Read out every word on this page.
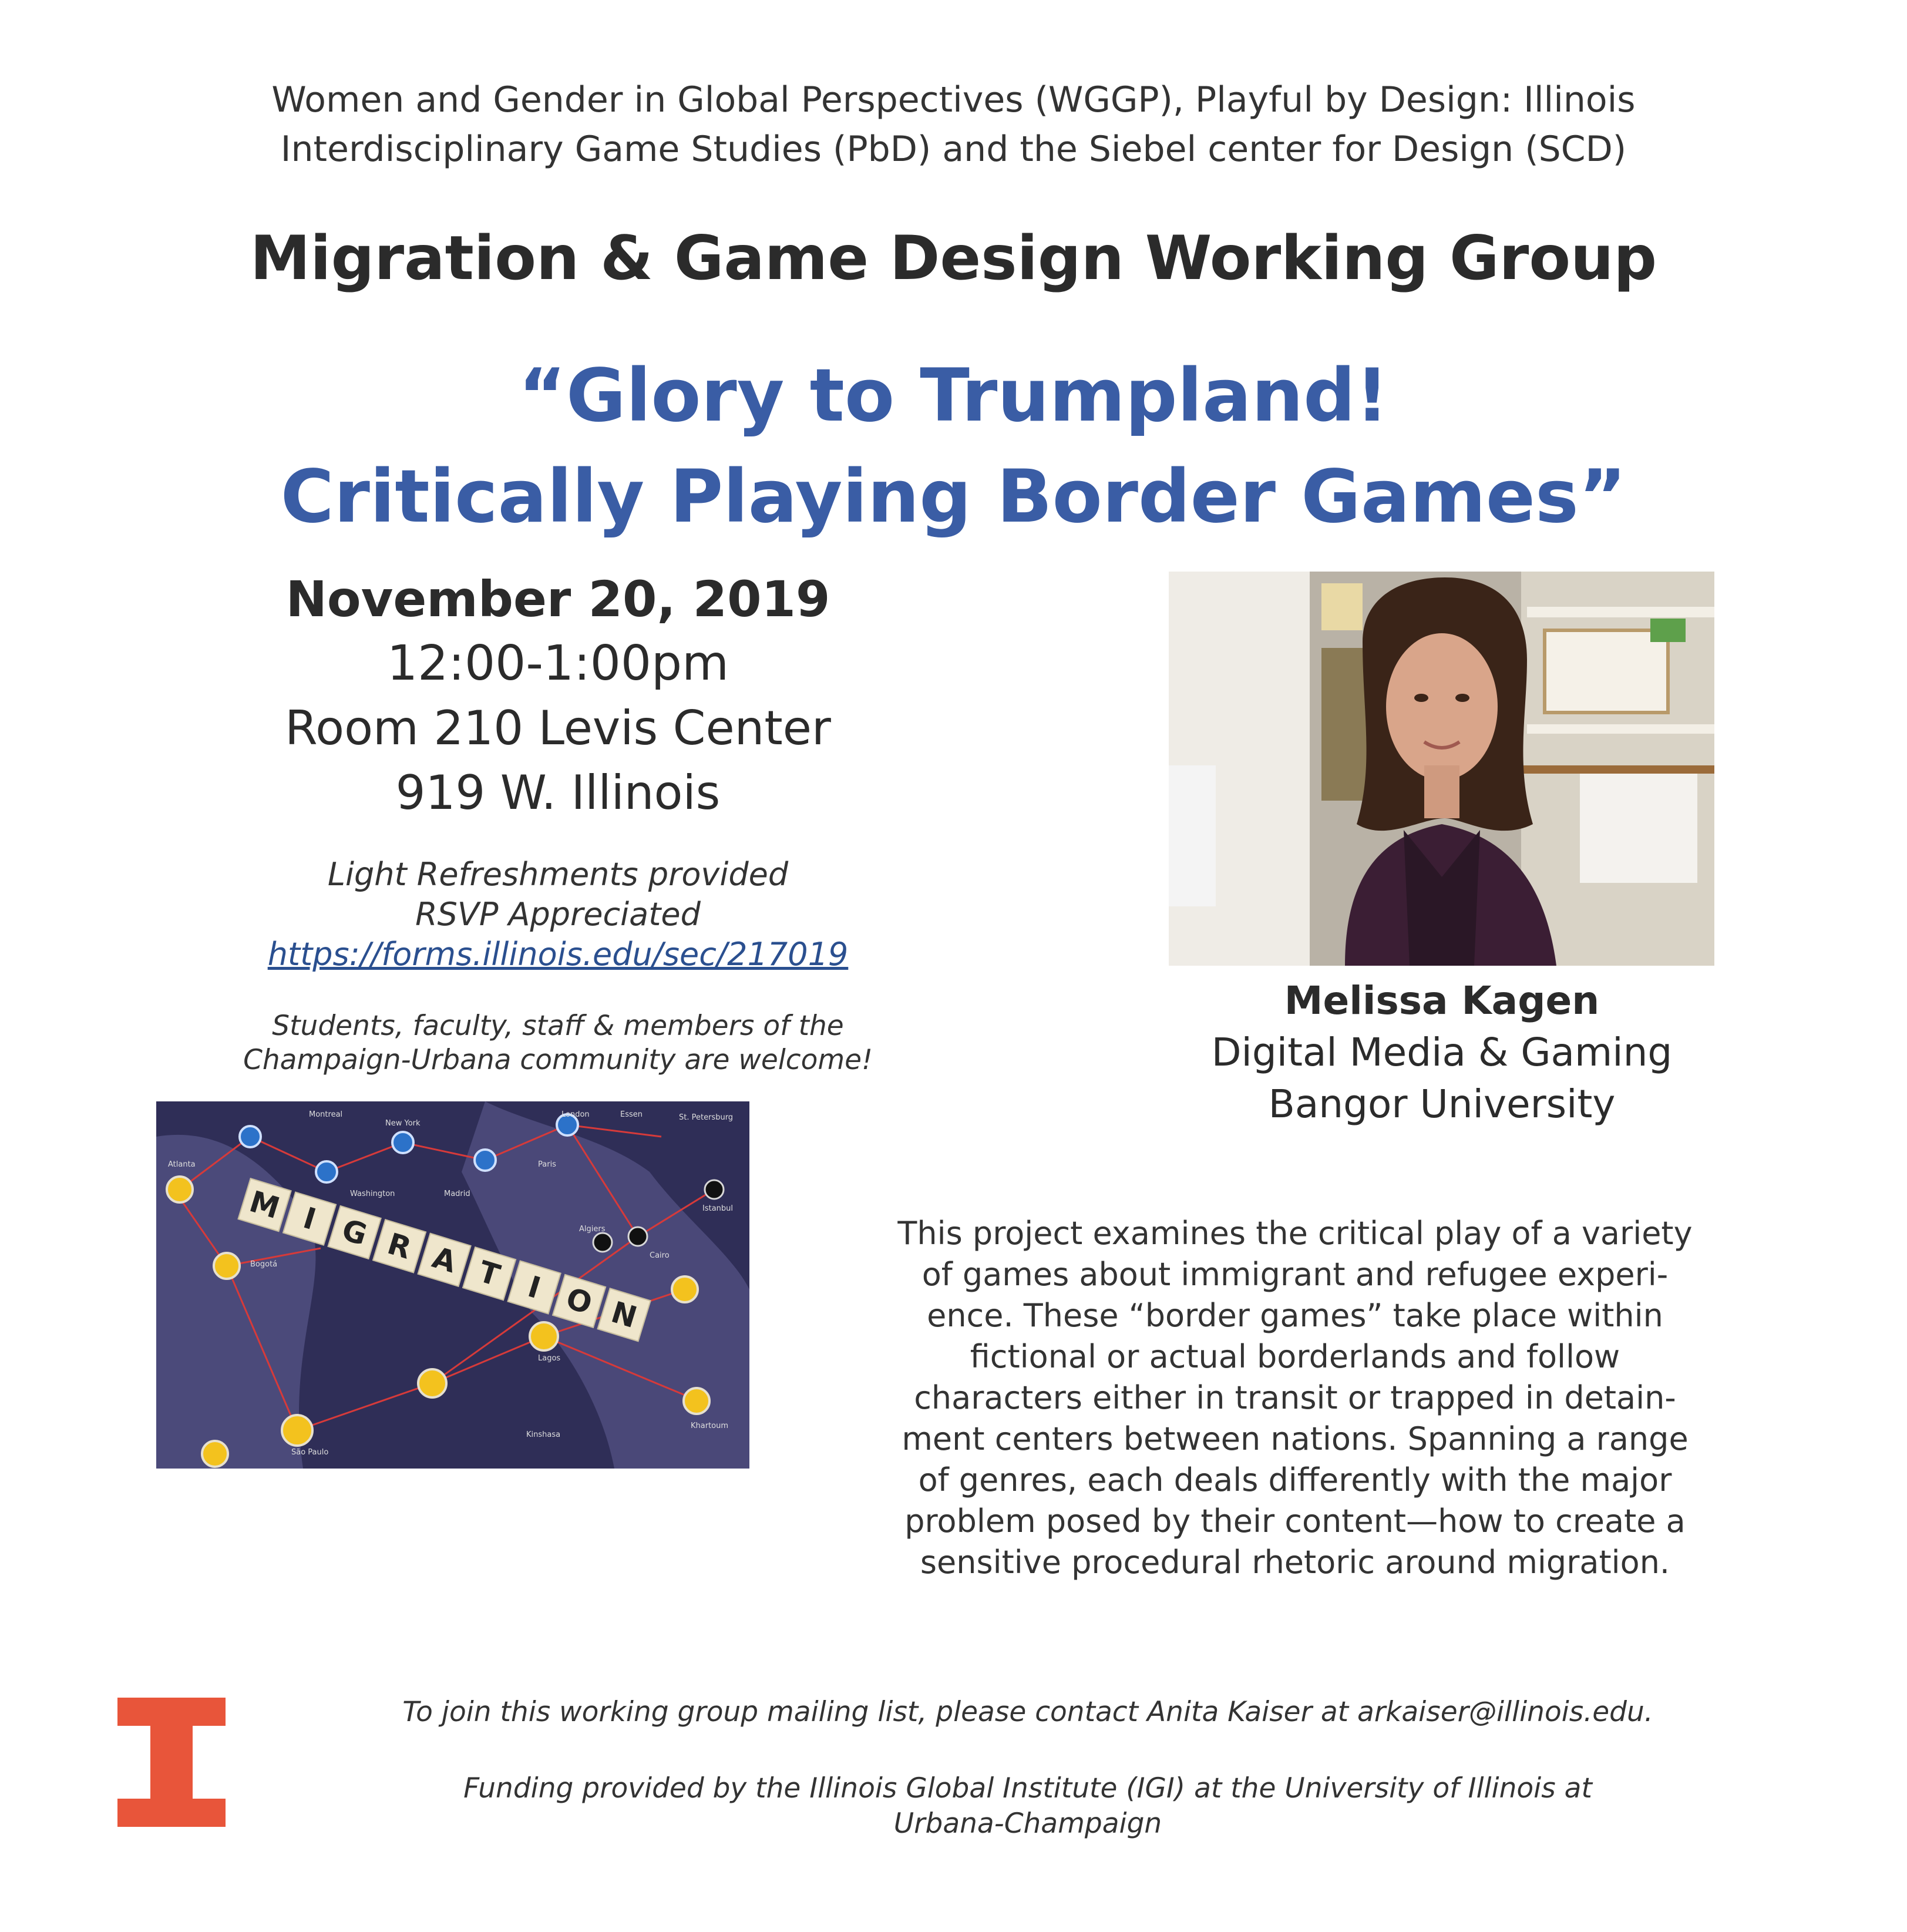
Women and Gender in Global Perspectives (WGGP), Playful by Design: Illinois
Interdisciplinary Game Studies (PbD) and the Siebel center for Design (SCD)
Migration & Game Design Working Group
“Glory to Trumpland!
Critically Playing Border Games”
November 20, 2019
12:00-1:00pm
Room 210 Levis Center
919 W. Illinois
Light Refreshments provided
RSVP Appreciated
https://forms.illinois.edu/sec/217019
Students, faculty, staff & members of the
Champaign-Urbana community are welcome!
Melissa Kagen
Digital Media & Gaming
Bangor University
M I G R A T I O N
Atlanta
Washington	Madrid
Paris
London	Essen	St. Petersburg
Istanbul
Algiers
Cairo
Lagos
Khartoum
Kinshasa
Bogotá
São Paulo
New York
Montreal
This project examines the critical play of a variety
of games about immigrant and refugee experi-
ence. These “border games” take place within
fictional or actual borderlands and follow
characters either in transit or trapped in detain-
ment centers between nations. Spanning a range
of genres, each deals differently with the major
problem posed by their content—how to create a
sensitive procedural rhetoric around migration.

To join this working group mailing list, please contact Anita Kaiser at arkaiser@illinois.edu.

Funding provided by the Illinois Global Institute (IGI) at the University of Illinois at

Urbana-Champaign
